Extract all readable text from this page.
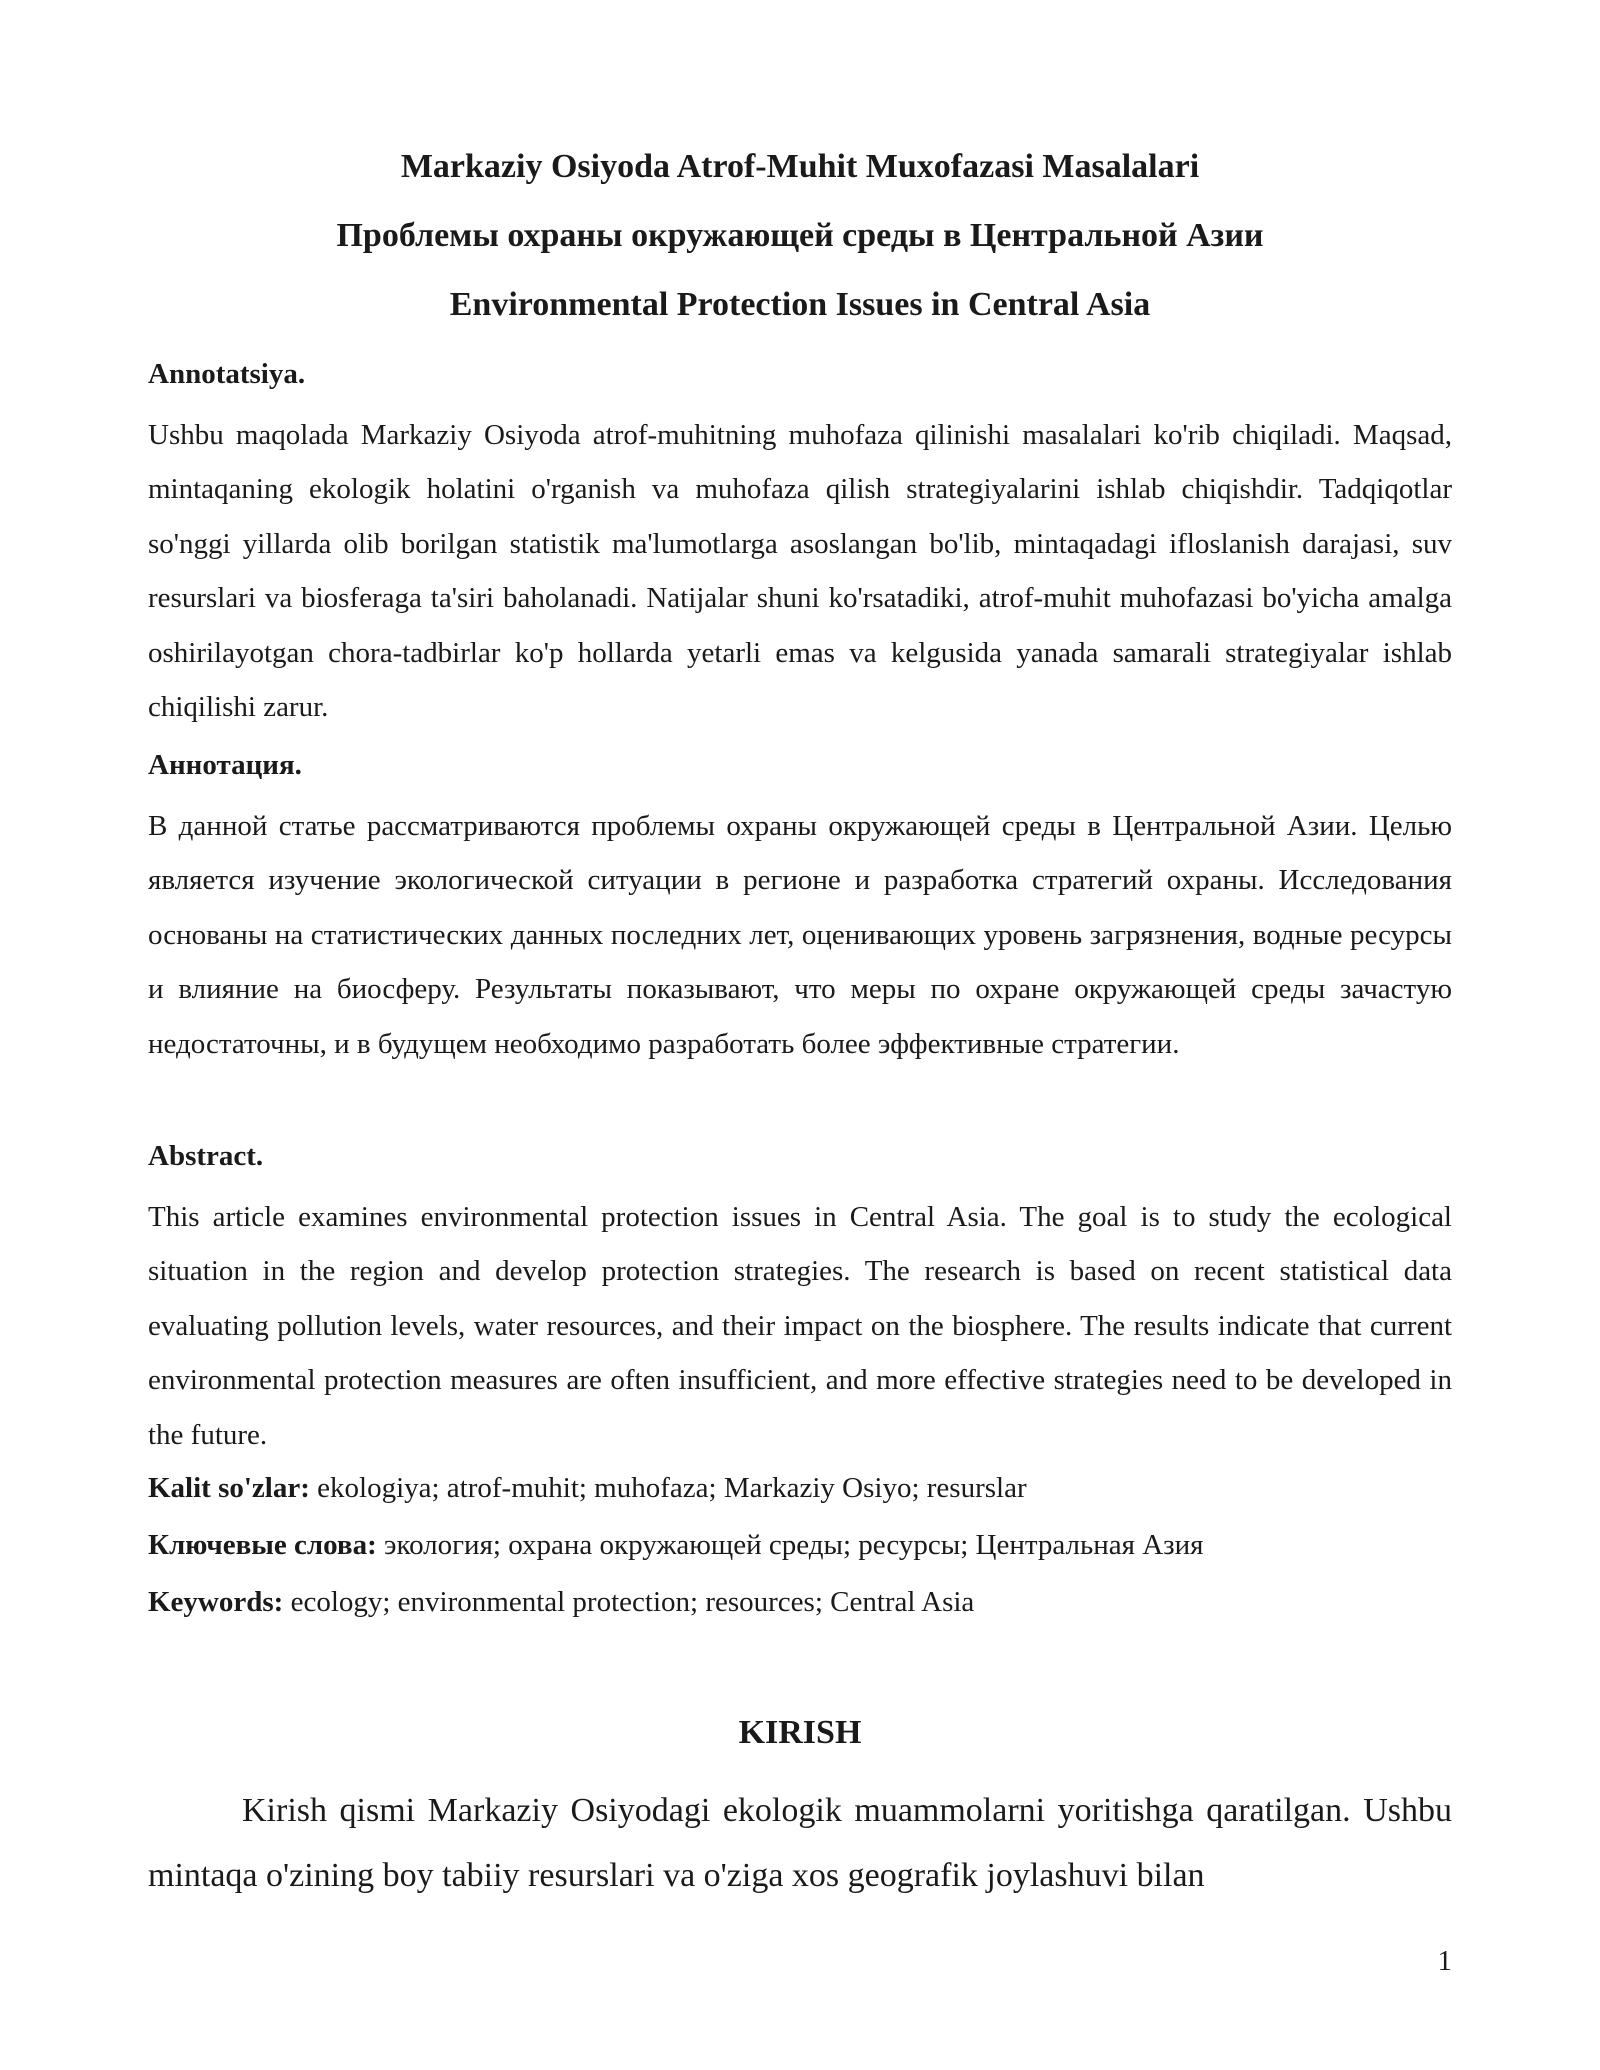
Markaziy Osiyoda Atrof-Muhit Muxofazasi Masalalari
Проблемы охраны окружающей среды в Центральной Азии
Environmental Protection Issues in Central Asia

Annotatsiya.

Ushbu maqolada Markaziy Osiyoda atrof-muhitning muhofaza qilinishi masalalari ko'rib chiqiladi. Maqsad, mintaqaning ekologik holatini o'rganish va muhofaza qilish strategiyalarini ishlab chiqishdir. Tadqiqotlar so'nggi yillarda olib borilgan statistik ma'lumotlarga asoslangan bo'lib, mintaqadagi ifloslanish darajasi, suv resurslari va biosferaga ta'siri baholanadi. Natijalar shuni ko'rsatadiki, atrof-muhit muhofazasi bo'yicha amalga oshirilayotgan chora-tadbirlar ko'p hollarda yetarli emas va kelgusida yanada samarali strategiyalar ishlab chiqilishi zarur.

Аннотация.

В данной статье рассматриваются проблемы охраны окружающей среды в Центральной Азии. Целью является изучение экологической ситуации в регионе и разработка стратегий охраны. Исследования основаны на статистических данных последних лет, оценивающих уровень загрязнения, водные ресурсы и влияние на биосферу. Результаты показывают, что меры по охране окружающей среды зачастую недостаточны, и в будущем необходимо разработать более эффективные стратегии.

Abstract.

This article examines environmental protection issues in Central Asia. The goal is to study the ecological situation in the region and develop protection strategies. The research is based on recent statistical data evaluating pollution levels, water resources, and their impact on the biosphere. The results indicate that current environmental protection measures are often insufficient, and more effective strategies need to be developed in the future.

Kalit so'zlar: ekologiya; atrof-muhit; muhofaza; Markaziy Osiyo; resurslar

Ключевые слова: экология; охрана окружающей среды; ресурсы; Центральная Азия

Keywords: ecology; environmental protection; resources; Central Asia

KIRISH

Kirish qismi Markaziy Osiyodagi ekologik muammolarni yoritishga qaratilgan. Ushbu mintaqa o'zining boy tabiiy resurslari va o'ziga xos geografik joylashuvi bilan

1
